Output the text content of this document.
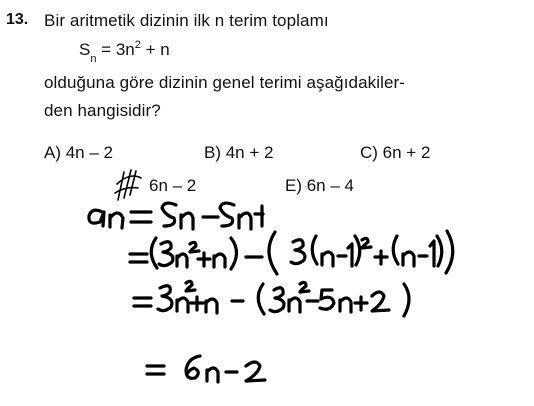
13. Bir aritmetik dizinin ilk n terim toplamı
$S_n = 3n^2 + n$
olduğuna göre dizinin genel terimi aşağıdakiler-
den hangisidir?
A) 4n – 2	B) 4n + 2	C) 6n + 2
6n – 2	E) 6n – 4
